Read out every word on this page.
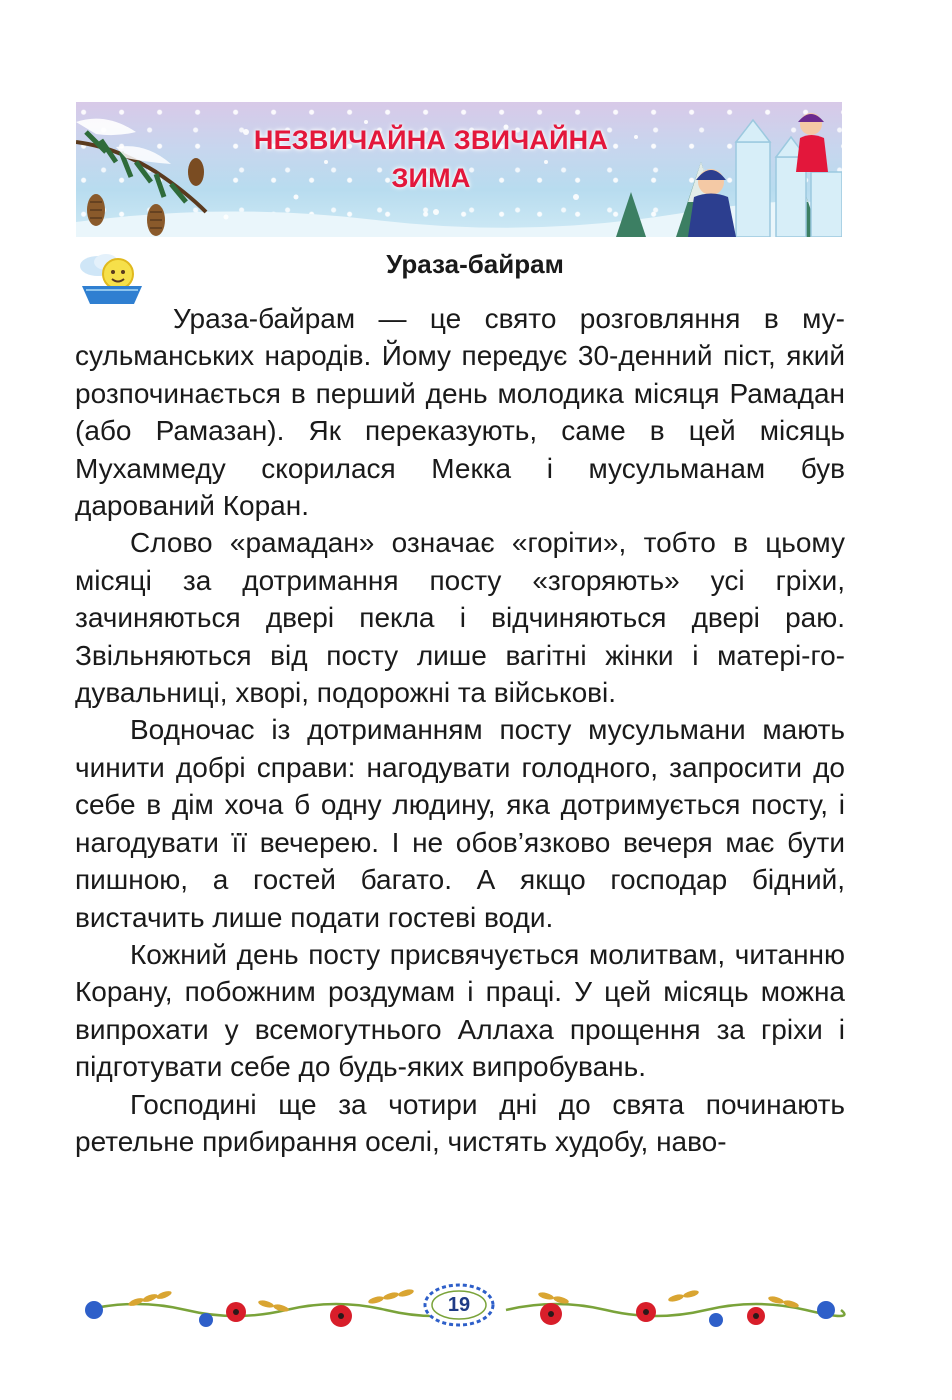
НЕЗВИЧАЙНА ЗВИЧАЙНА
ЗИМА
Ураза-байрам

Ураза-байрам — це свято розговляння в мусульманських народів. Йому передує 30-денний піст, який розпочинається в перший день молодика місяця Рамадан (або Рамазан). Як переказують, саме в цей місяць Мухаммеду скорилася Мекка і мусульманам був дарований Коран.

Слово «рамадан» означає «горіти», тобто в цьому місяці за дотримання посту «згоряють» усі гріхи, зачиняються двері пекла і відчиняються двері раю. Звільняються від посту лише вагітні жінки і матері-годувальниці, хворі, подорожні та військові.

Водночас із дотриманням посту мусульмани мають чинити добрі справи: нагодувати голодного, запросити до себе в дім хоча б одну людину, яка дотримується посту, і нагодувати її вечерею. І не обов’язково вечеря має бути пишною, а гостей багато. А якщо господар бідний, вистачить лише подати гостеві води.

Кожний день посту присвячується молитвам, читанню Корану, побожним роздумам і праці. У цей місяць можна випрохати у всемогутнього Аллаха прощення за гріхи і підготувати себе до будь-яких випробувань.

Господині ще за чотири дні до свята починають ретельне прибирання оселі, чистять худобу, наво-

19
